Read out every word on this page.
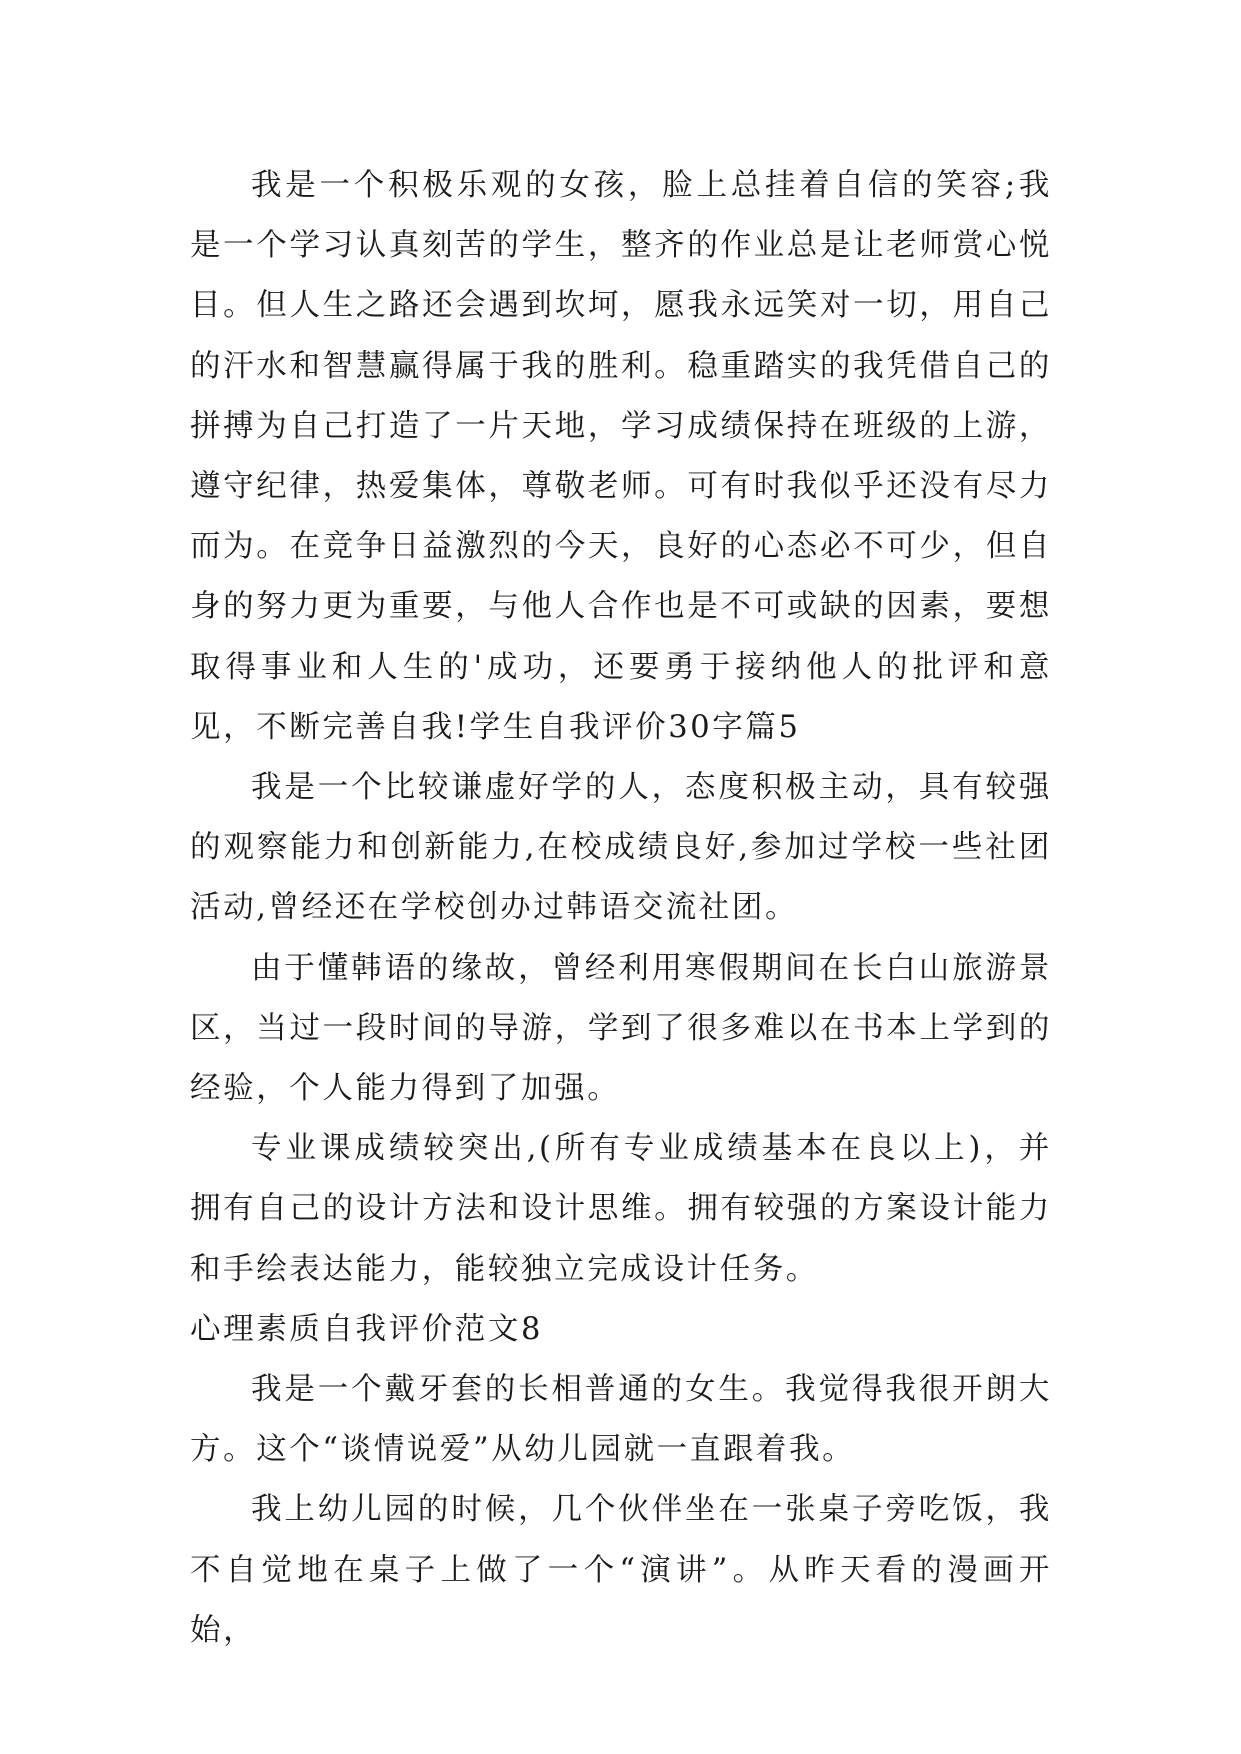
我是一个积极乐观的女孩，脸上总挂着自信的笑容;我是一个学习认真刻苦的学生，整齐的作业总是让老师赏心悦目。但人生之路还会遇到坎坷，愿我永远笑对一切，用自己的汗水和智慧赢得属于我的胜利。稳重踏实的我凭借自己的拼搏为自己打造了一片天地，学习成绩保持在班级的上游，遵守纪律，热爱集体，尊敬老师。可有时我似乎还没有尽力而为。在竞争日益激烈的今天，良好的心态必不可少，但自身的努力更为重要，与他人合作也是不可或缺的因素，要想取得事业和人生的'成功，还要勇于接纳他人的批评和意见，不断完善自我!学生自我评价30字篇5

我是一个比较谦虚好学的人，态度积极主动，具有较强的观察能力和创新能力,在校成绩良好,参加过学校一些社团活动,曾经还在学校创办过韩语交流社团。

由于懂韩语的缘故，曾经利用寒假期间在长白山旅游景区，当过一段时间的导游，学到了很多难以在书本上学到的经验，个人能力得到了加强。

专业课成绩较突出,(所有专业成绩基本在良以上)，并拥有自己的设计方法和设计思维。拥有较强的方案设计能力和手绘表达能力，能较独立完成设计任务。

心理素质自我评价范文8

我是一个戴牙套的长相普通的女生。我觉得我很开朗大方。这个“谈情说爱”从幼儿园就一直跟着我。

我上幼儿园的时候，几个伙伴坐在一张桌子旁吃饭，我不自觉地在桌子上做了一个“演讲”。从昨天看的漫画开始，
